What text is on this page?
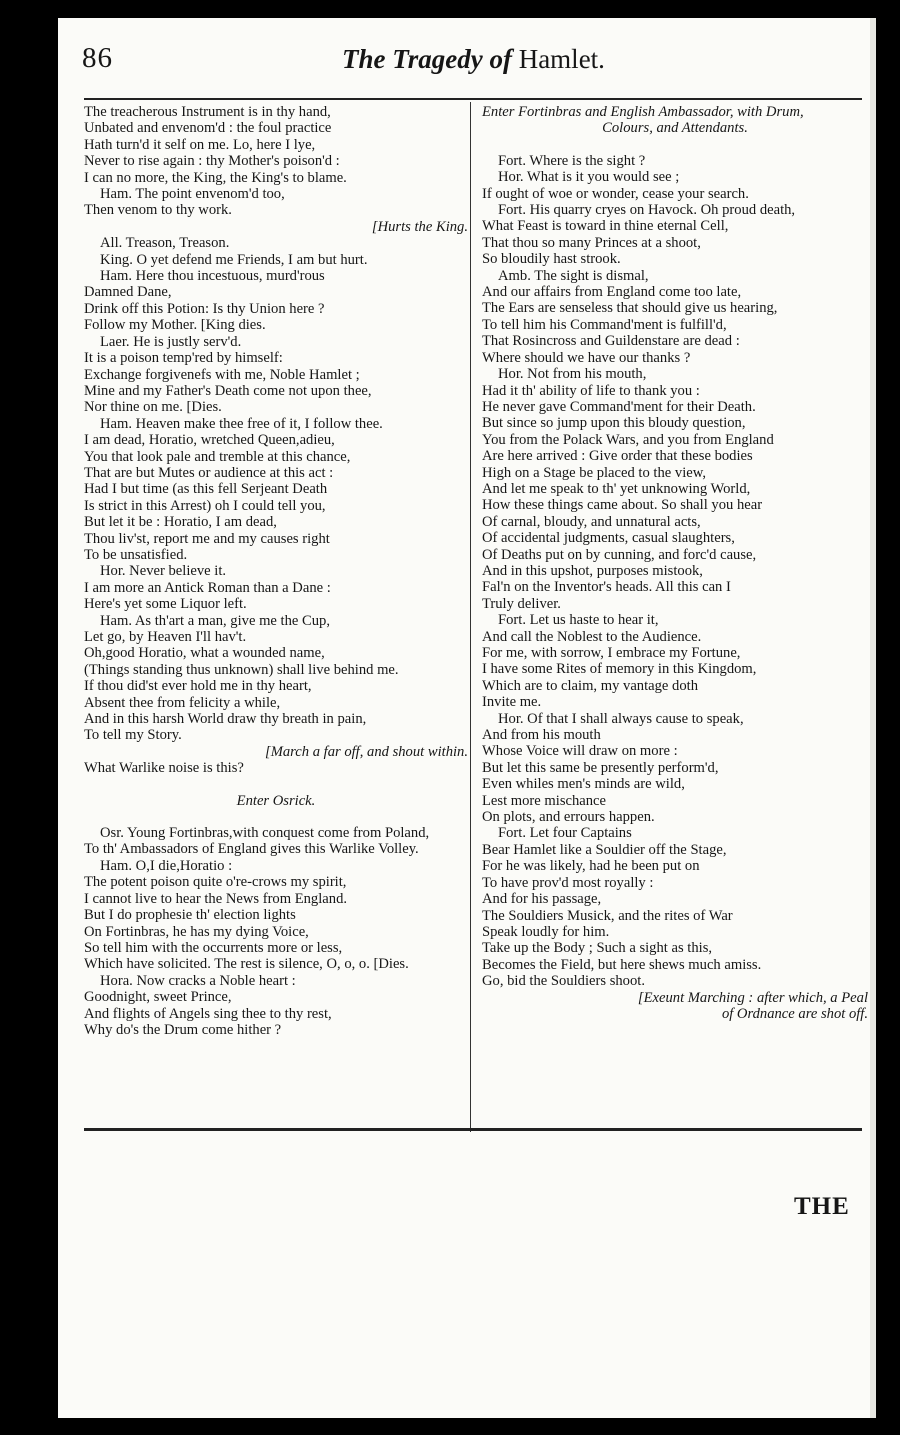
86	The Tragedy of Hamlet.
The treacherous Instrument is in thy hand,
Unbated and envenom'd : the foul practice
Hath turn'd it self on me. Lo, here I lye,
Never to rise again : thy Mother's poison'd :
I can no more, the King, the King's to blame.
Ham. The point envenom'd too,
Then venom to thy work.
[Hurts the King.
All. Treason, Treason.
King. O yet defend me Friends, I am but hurt.
Ham. Here thou incestuous, murd'rous
Damned Dane,
Drink off this Potion: Is thy Union here ?
Follow my Mother. [King dies.
Laer. He is justly serv'd.
It is a poison temp'red by himself:
Exchange forgivenefs with me, Noble Hamlet ;
Mine and my Father's Death come not upon thee,
Nor thine on me. [Dies.
Ham. Heaven make thee free of it, I follow thee.
I am dead, Horatio, wretched Queen,adieu,
You that look pale and tremble at this chance,
That are but Mutes or audience at this act :
Had I but time (as this fell Serjeant Death
Is strict in this Arrest) oh I could tell you,
But let it be : Horatio, I am dead,
Thou liv'st, report me and my causes right
To be unsatisfied.
Hor. Never believe it.
I am more an Antick Roman than a Dane :
Here's yet some Liquor left.
Ham. As th'art a man, give me the Cup,
Let go, by Heaven I'll hav't.
Oh,good Horatio, what a wounded name,
(Things standing thus unknown) shall live behind me.
If thou did'st ever hold me in thy heart,
Absent thee from felicity a while,
And in this harsh World draw thy breath in pain,
To tell my Story.
[March a far off, and shout within.
What Warlike noise is this?
Enter Osrick.
Osr. Young Fortinbras,with conquest come from Poland,
To th' Ambassadors of England gives this Warlike Volley.
Ham. O,I die,Horatio :
The potent poison quite o're-crows my spirit,
I cannot live to hear the News from England.
But I do prophesie th' election lights
On Fortinbras, he has my dying Voice,
So tell him with the occurrents more or less,
Which have solicited. The rest is silence, O, o, o. [Dies.
Hora. Now cracks a Noble heart :
Goodnight, sweet Prince,
And flights of Angels sing thee to thy rest,
Why do's the Drum come hither ?
Enter Fortinbras and English Ambassador, with Drum,
Colours, and Attendants.
Fort. Where is the sight ?
Hor. What is it you would see ;
If ought of woe or wonder, cease your search.
Fort. His quarry cryes on Havock. Oh proud death,
What Feast is toward in thine eternal Cell,
That thou so many Princes at a shoot,
So bloudily hast strook.
Amb. The sight is dismal,
And our affairs from England come too late,
The Ears are senseless that should give us hearing,
To tell him his Command'ment is fulfill'd,
That Rosincross and Guildenstare are dead :
Where should we have our thanks ?
Hor. Not from his mouth,
Had it th' ability of life to thank you :
He never gave Command'ment for their Death.
But since so jump upon this bloudy question,
You from the Polack Wars, and you from England
Are here arrived : Give order that these bodies
High on a Stage be placed to the view,
And let me speak to th' yet unknowing World,
How these things came about. So shall you hear
Of carnal, bloudy, and unnatural acts,
Of accidental judgments, casual slaughters,
Of Deaths put on by cunning, and forc'd cause,
And in this upshot, purposes mistook,
Fal'n on the Inventor's heads. All this can I
Truly deliver.
Fort. Let us haste to hear it,
And call the Noblest to the Audience.
For me, with sorrow, I embrace my Fortune,
I have some Rites of memory in this Kingdom,
Which are to claim, my vantage doth
Invite me.
Hor. Of that I shall always cause to speak,
And from his mouth
Whose Voice will draw on more :
But let this same be presently perform'd,
Even whiles men's minds are wild,
Lest more mischance
On plots, and errours happen.
Fort. Let four Captains
Bear Hamlet like a Souldier off the Stage,
For he was likely, had he been put on
To have prov'd most royally :
And for his passage,
The Souldiers Musick, and the rites of War
Speak loudly for him.
Take up the Body ; Such a sight as this,
Becomes the Field, but here shews much amiss.
Go, bid the Souldiers shoot.
[Exeunt Marching : after which, a Peal
of Ordnance are shot off.
THE
